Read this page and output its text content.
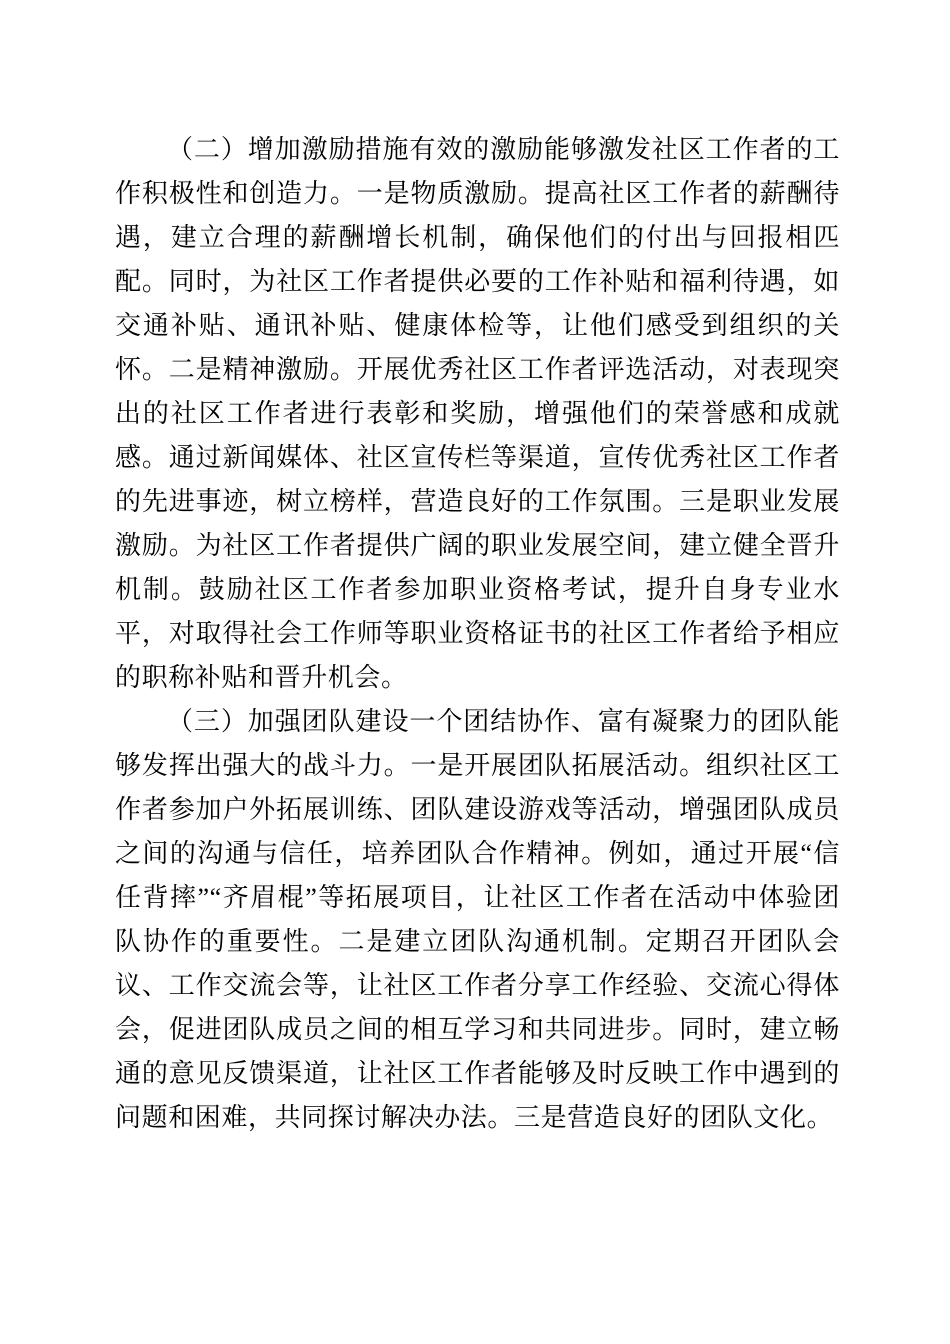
（二）增加激励措施有效的激励能够激发社区工作者的工作积极性和创造力。一是物质激励。提高社区工作者的薪酬待遇，建立合理的薪酬增长机制，确保他们的付出与回报相匹配。同时，为社区工作者提供必要的工作补贴和福利待遇，如交通补贴、通讯补贴、健康体检等，让他们感受到组织的关怀。二是精神激励。开展优秀社区工作者评选活动，对表现突出的社区工作者进行表彰和奖励，增强他们的荣誉感和成就感。通过新闻媒体、社区宣传栏等渠道，宣传优秀社区工作者的先进事迹，树立榜样，营造良好的工作氛围。三是职业发展激励。为社区工作者提供广阔的职业发展空间，建立健全晋升机制。鼓励社区工作者参加职业资格考试，提升自身专业水平，对取得社会工作师等职业资格证书的社区工作者给予相应的职称补贴和晋升机会。

（三）加强团队建设一个团结协作、富有凝聚力的团队能够发挥出强大的战斗力。一是开展团队拓展活动。组织社区工作者参加户外拓展训练、团队建设游戏等活动，增强团队成员之间的沟通与信任，培养团队合作精神。例如，通过开展“信任背摔”“齐眉棍”等拓展项目，让社区工作者在活动中体验团队协作的重要性。二是建立团队沟通机制。定期召开团队会议、工作交流会等，让社区工作者分享工作经验、交流心得体会，促进团队成员之间的相互学习和共同进步。同时，建立畅通的意见反馈渠道，让社区工作者能够及时反映工作中遇到的问题和困难，共同探讨解决办法。三是营造良好的团队文化。
